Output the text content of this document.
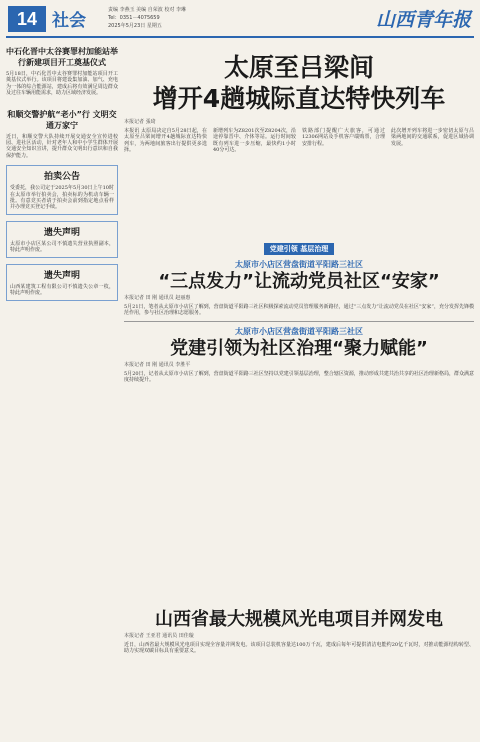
14 社会
责编 李燕玉 美编 自荣波 校对 李琳
Tel：0351－4075659
2025年5月23日 星期五	山西青年报
中石化晋中太谷赛罪村加能站举行新建项目开工奠基仪式
5月18日，中石化晋中太谷赛罪村加能站项目开工奠基仪式举行。该项目将建设集加油、加气、充电为一体的综合能源站，建成后将有效满足周边群众及过往车辆用能需求，助力区域经济发展。
和顺交警护航“老小”行 文明交通万家宁
近日，和顺交警大队持续开展交通安全宣传进校园、进社区活动，针对老年人和中小学生群体开展交通安全知识宣讲，提升群众文明出行意识和自我保护能力。
拍卖公告
受委托，我公司定于2025年5月30日上午10时在太原市举行拍卖会，拍卖标的为机动车辆一批。有意竞买者请于拍卖会前到指定地点看样并办理竞买登记手续。
遗失声明
太原市小店区某公司不慎遗失营业执照副本，特此声明作废。
遗失声明
山西某建筑工程有限公司不慎遗失公章一枚，特此声明作废。
太原至吕梁间
增开4趟城际直达特快列车
本报记者 張琦
本报讯 太原局决定自5月28日起，在太原至吕梁间增开4趟城际直达特快列车，为两地间旅客出行提供更多选择。
新增列车为Z8201次至Z8204次，沿途停靠晋中、介休等站。运行时间较既有列车进一步压缩，最快约1小时40分可达。
铁路部门提醒广大旅客，可通过12306网站及手机客户端购票，合理安排行程。
此次增开列车将进一步密切太原与吕梁两地间的交通联系，促进区域协调发展。
党建引领 基层治理
太原市小店区营盘街道平阳路三社区
“三点发力”让流动党员社区“安家”
本报记者 田 刚 通讯员 赵丽惠
5月21日，笔者从太原市小店区了解到，营盘街道平阳路三社区积极探索流动党员管理服务新路径，通过“三点发力”让流动党员在社区“安家”，充分发挥先锋模范作用，参与社区治理和志愿服务。
太原市小店区营盘街道平阳路三社区
党建引领为社区治理“聚力赋能”
本报记者 田 刚 通讯员 李胜平
5月20日，记者从太原市小店区了解到，营盘街道平阳路三社区坚持以党建引领基层治理，整合辖区资源，推动形成共建共治共享的社区治理新格局，群众满意度持续提升。
山西省最大规模风光电项目并网发电
本报记者 王亚君 通讯员 田佳璇
近日，山西省最大规模风光电项目实现全容量并网发电。该项目总装机容量达100万千瓦，建成后每年可提供清洁电能约20亿千瓦时，对推动能源结构转型、助力实现双碳目标具有重要意义。
